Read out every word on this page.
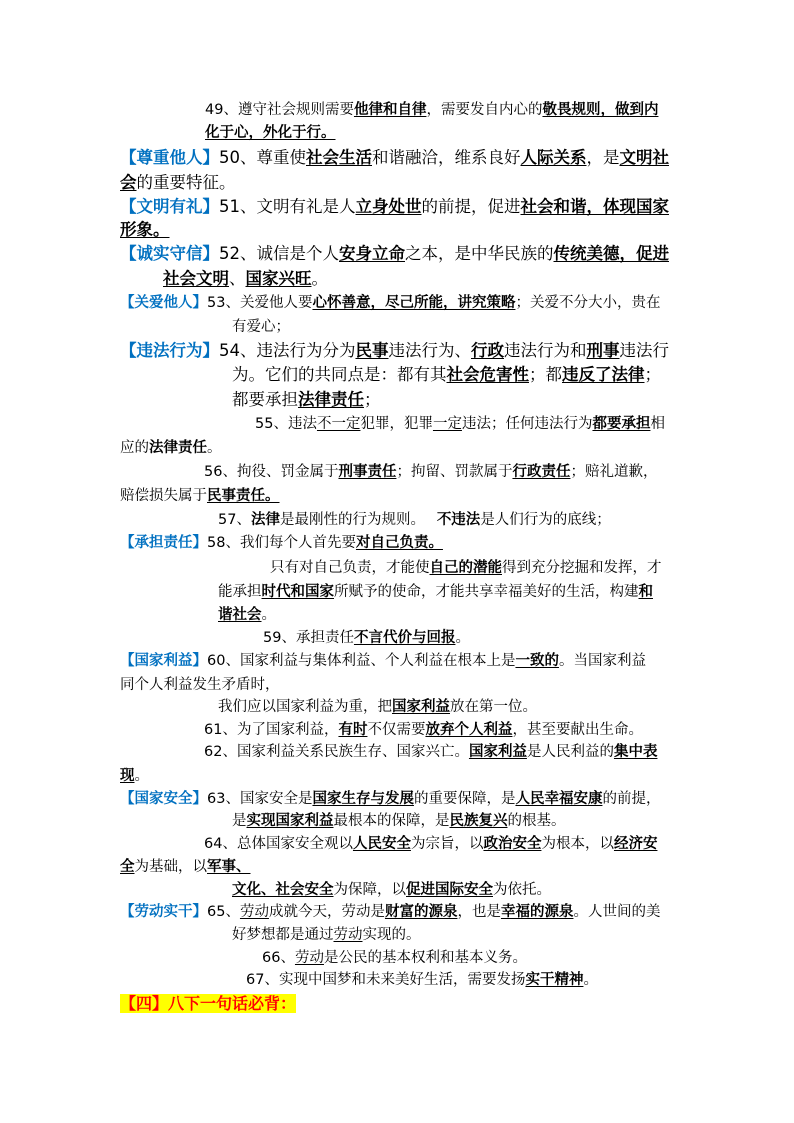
49、遵守社会规则需要他律和自律，需要发自内心的敬畏规则，做到内
化于心，外化于行。
【尊重他人】50、尊重使社会生活和谐融洽，维系良好人际关系，是文明社
会的重要特征。
【文明有礼】51、文明有礼是人立身处世的前提，促进社会和谐，体现国家
形象。
【诚实守信】52、诚信是个人安身立命之本，是中华民族的传统美德，促进
社会文明、国家兴旺。
【关爱他人】53、关爱他人要心怀善意，尽己所能，讲究策略；关爱不分大小，贵在
有爱心；
【违法行为】54、违法行为分为民事违法行为、行政违法行为和刑事违法行
为。它们的共同点是：都有其社会危害性；都违反了法律；
都要承担法律责任；
55、违法不一定犯罪，犯罪一定违法；任何违法行为都要承担相
应的法律责任。
56、拘役、罚金属于刑事责任；拘留、罚款属于行政责任；赔礼道歉，
赔偿损失属于民事责任。
57、法律是最刚性的行为规则。　 不违法是人们行为的底线；
【承担责任】58、我们每个人首先要对自己负责。
只有对自己负责，才能使自己的潜能得到充分挖掘和发挥，才
能承担时代和国家所赋予的使命，才能共享幸福美好的生活，构建和
谐社会。
59、承担责任不言代价与回报。
【国家利益】60、国家利益与集体利益、个人利益在根本上是一致的。当国家利益
同个人利益发生矛盾时，
我们应以国家利益为重，把国家利益放在第一位。
61、为了国家利益，有时不仅需要放弃个人利益，甚至要献出生命。
62、国家利益关系民族生存、国家兴亡。国家利益是人民利益的集中表
现。
【国家安全】63、国家安全是国家生存与发展的重要保障，是人民幸福安康的前提，
是实现国家利益最根本的保障，是民族复兴的根基。
64、总体国家安全观以人民安全为宗旨，以政治安全为根本，以经济安
全为基础，以军事、
文化、社会安全为保障，以促进国际安全为依托。
【劳动实干】65、劳动成就今天，劳动是财富的源泉，也是幸福的源泉。人世间的美
好梦想都是通过劳动实现的。
66、劳动是公民的基本权利和基本义务。
67、实现中国梦和未来美好生活，需要发扬实干精神。
【四】八下一句话必背：
